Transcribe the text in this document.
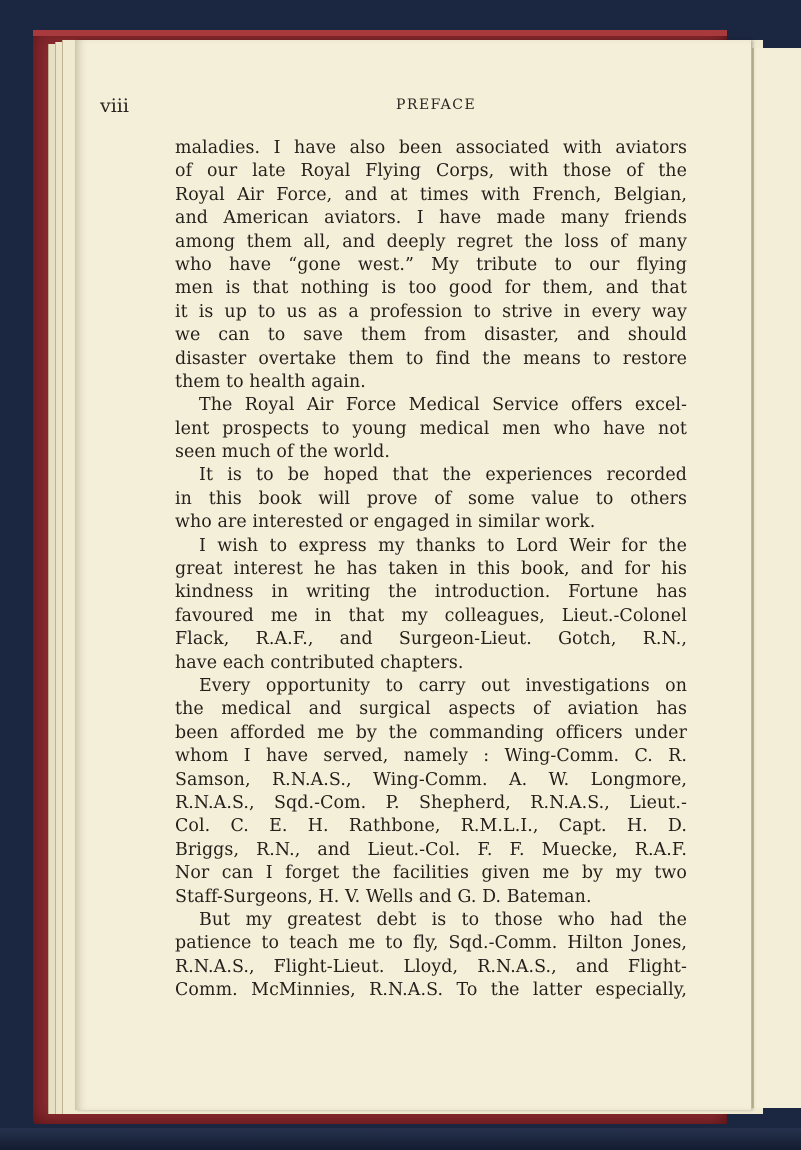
viii	PREFACE
maladies. I have also been associated with aviators
of our late Royal Flying Corps, with those of the
Royal Air Force, and at times with French, Belgian,
and American aviators. I have made many friends
among them all, and deeply regret the loss of many
who have “gone west.” My tribute to our flying
men is that nothing is too good for them, and that
it is up to us as a profession to strive in every way
we can to save them from disaster, and should
disaster overtake them to find the means to restore
them to health again.
The Royal Air Force Medical Service offers excel-
lent prospects to young medical men who have not
seen much of the world.
It is to be hoped that the experiences recorded
in this book will prove of some value to others
who are interested or engaged in similar work.
I wish to express my thanks to Lord Weir for the
great interest he has taken in this book, and for his
kindness in writing the introduction. Fortune has
favoured me in that my colleagues, Lieut.-Colonel
Flack, R.A.F., and Surgeon-Lieut. Gotch, R.N.,
have each contributed chapters.
Every opportunity to carry out investigations on
the medical and surgical aspects of aviation has
been afforded me by the commanding officers under
whom I have served, namely : Wing-Comm. C. R.
Samson, R.N.A.S., Wing-Comm. A. W. Longmore,
R.N.A.S., Sqd.-Com. P. Shepherd, R.N.A.S., Lieut.-
Col. C. E. H. Rathbone, R.M.L.I., Capt. H. D.
Briggs, R.N., and Lieut.-Col. F. F. Muecke, R.A.F.
Nor can I forget the facilities given me by my two
Staff-Surgeons, H. V. Wells and G. D. Bateman.
But my greatest debt is to those who had the
patience to teach me to fly, Sqd.-Comm. Hilton Jones,
R.N.A.S., Flight-Lieut. Lloyd, R.N.A.S., and Flight-
Comm. McMinnies, R.N.A.S. To the latter especially,
